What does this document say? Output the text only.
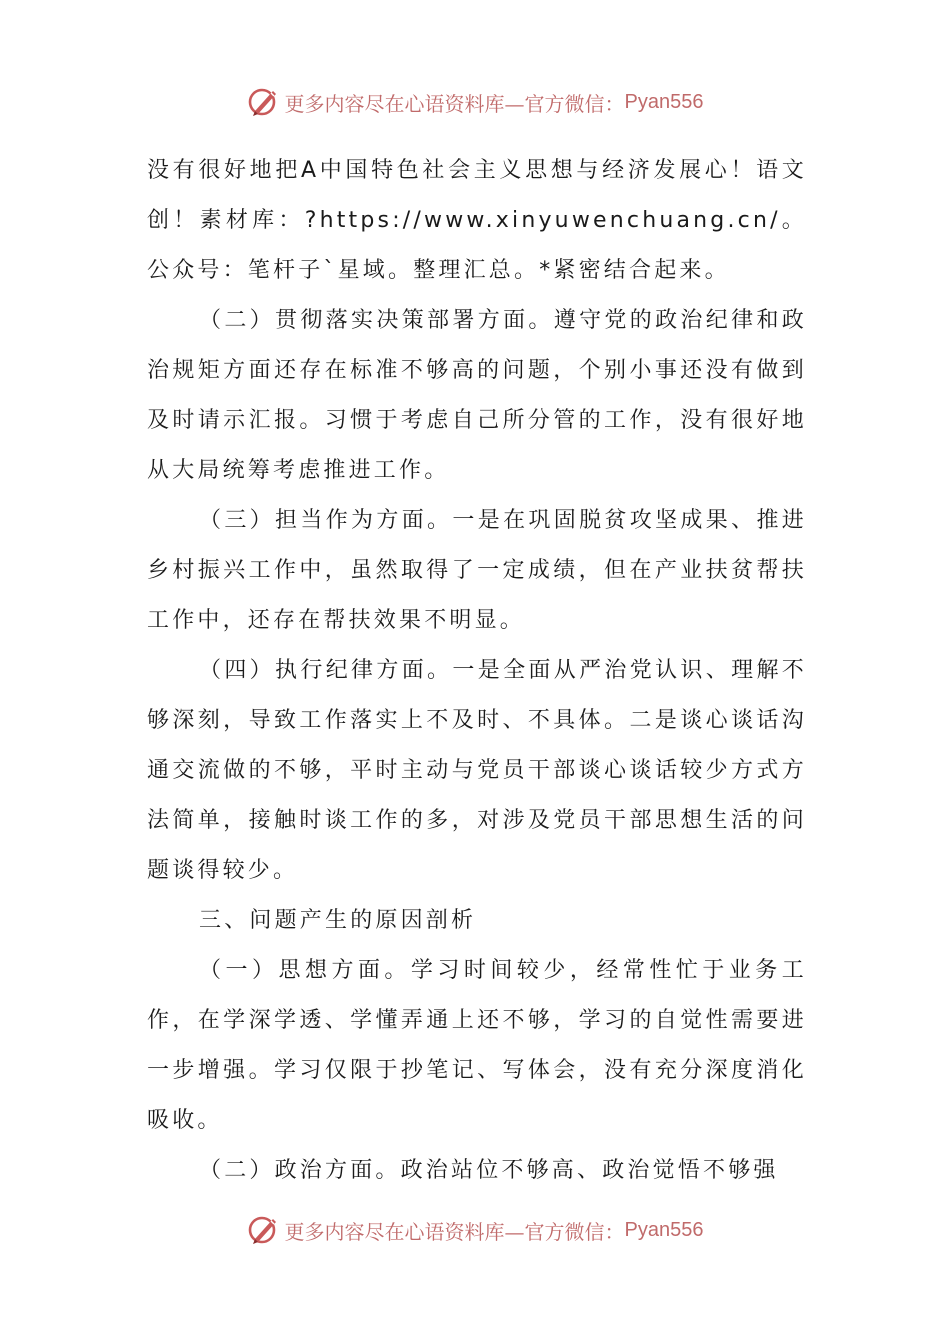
更多内容尽在心语资料库—官方微信： Pyan556

没有很好地把A中国特色社会主义思想与经济发展心！语文创！素材库：?https://www.xinyuwenchuang.cn/。公众号：笔杆子`星域。整理汇总。*紧密结合起来。

（二）贯彻落实决策部署方面。遵守党的政治纪律和政治规矩方面还存在标准不够高的问题，个别小事还没有做到及时请示汇报。习惯于考虑自己所分管的工作，没有很好地从大局统筹考虑推进工作。

（三）担当作为方面。一是在巩固脱贫攻坚成果、推进乡村振兴工作中，虽然取得了一定成绩，但在产业扶贫帮扶工作中，还存在帮扶效果不明显。

（四）执行纪律方面。一是全面从严治党认识、理解不够深刻，导致工作落实上不及时、不具体。二是谈心谈话沟通交流做的不够，平时主动与党员干部谈心谈话较少方式方法简单，接触时谈工作的多，对涉及党员干部思想生活的问题谈得较少。

三、问题产生的原因剖析

（一）思想方面。学习时间较少，经常性忙于业务工作，在学深学透、学懂弄通上还不够，学习的自觉性需要进一步增强。学习仅限于抄笔记、写体会，没有充分深度消化吸收。

（二）政治方面。政治站位不够高、政治觉悟不够强

更多内容尽在心语资料库—官方微信： Pyan556
